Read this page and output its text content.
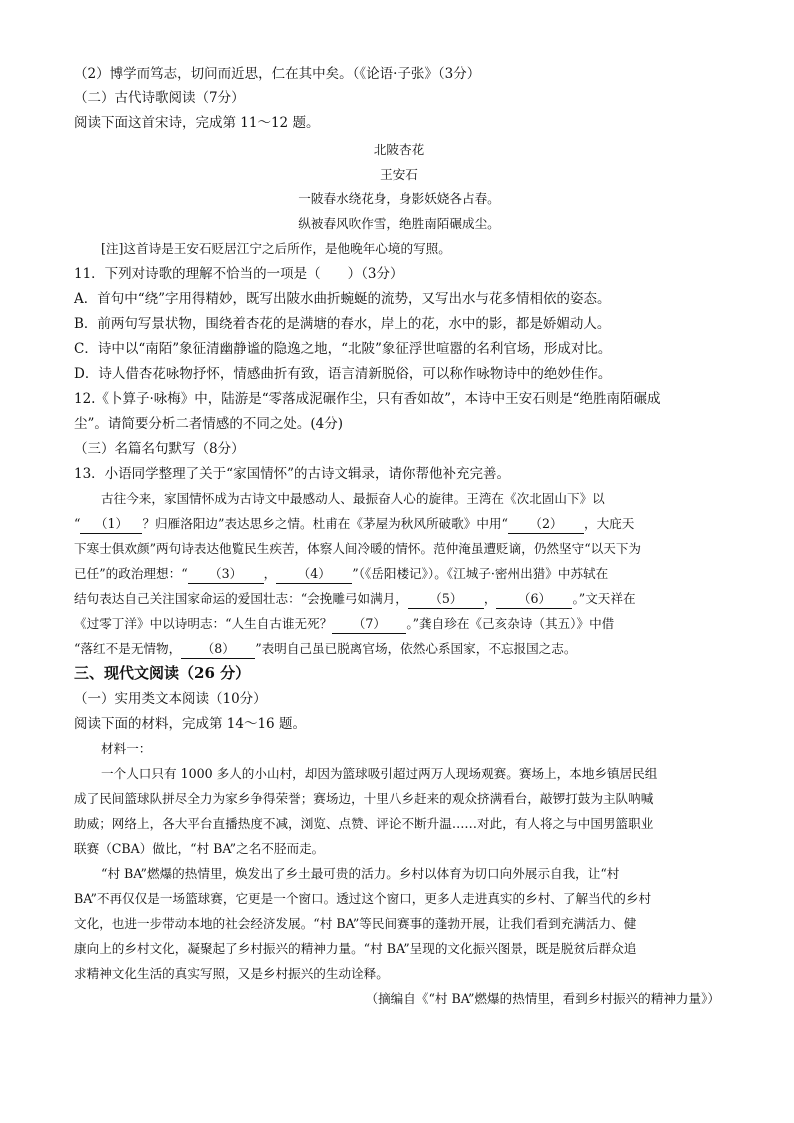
（2）博学而笃志，切问而近思，仁在其中矣。（《论语·子张》（3分）
（二）古代诗歌阅读（7分）
阅读下面这首宋诗，完成第 11～12 题。
北陂杏花
王安石
一陂春水绕花身，身影妖娆各占春。
纵被春风吹作雪，绝胜南陌碾成尘。
[注]这首诗是王安石贬居江宁之后所作，是他晚年心境的写照。
11．下列对诗歌的理解不恰当的一项是（　　）（3分）
A．首句中“绕”字用得精妙，既写出陂水曲折蜿蜒的流势，又写出水与花多情相依的姿态。
B．前两句写景状物，围绕着杏花的是满塘的春水，岸上的花，水中的影，都是娇媚动人。
C．诗中以“南陌”象征清幽静谧的隐逸之地，“北陂”象征浮世喧嚣的名利官场，形成对比。
D．诗人借杏花咏物抒怀，情感曲折有致，语言清新脱俗，可以称作咏物诗中的绝妙佳作。
12.《卜算子·咏梅》中，陆游是“零落成泥碾作尘，只有香如故”，本诗中王安石则是“绝胜南陌碾成
尘”。请简要分析二者情感的不同之处。(4分)
（三）名篇名句默写（8分）
13．小语同学整理了关于“家国情怀”的古诗文辑录，请你帮他补充完善。
古往今来，家国情怀成为古诗文中最感动人、最振奋人心的旋律。王湾在《次北固山下》以
“ （1） ？归雁洛阳边”表达思乡之情。杜甫在《茅屋为秋风所破歌》中用“ （2） ，大庇天
下寒士俱欢颜”两句诗表达他覧民生疾苦，体察人间冷暖的情怀。范仲淹虽遭贬谪，仍然坚守“以天下为
已任”的政治理想：“ （3） ， （4） ”（《岳阳楼记》）。《江城子·密州出猎》中苏轼在
结句表达自己关注国家命运的爱国壮志：“会挽雕弓如满月， （5） ， （6） 。”文天祥在
《过零丁洋》中以诗明志：“人生自古谁无死？ （7） 。”龚自珍在《己亥杂诗（其五）》中借
“落红不是无情物， （8） ”表明自己虽已脱离官场，依然心系国家，不忘报国之志。
三、现代文阅读（26 分）
（一）实用类文本阅读（10分）
阅读下面的材料，完成第 14～16 题。
材料一：
一个人口只有 1000 多人的小山村，却因为篮球吸引超过两万人现场观赛。赛场上，本地乡镇居民组
成了民间篮球队拼尽全力为家乡争得荣誉；赛场边，十里八乡赶来的观众挤满看台，敲锣打鼓为主队呐喊
助威；网络上，各大平台直播热度不减，浏览、点赞、评论不断升温……对此，有人将之与中国男篮职业
联赛（CBA）做比，“村 BA”之名不胫而走。
“村 BA”燃爆的热情里，焕发出了乡土最可贵的活力。乡村以体育为切口向外展示自我，让“村
BA”不再仅仅是一场篮球赛，它更是一个窗口。透过这个窗口，更多人走进真实的乡村、了解当代的乡村
文化，也进一步带动本地的社会经济发展。“村 BA”等民间赛事的蓬勃开展，让我们看到充满活力、健
康向上的乡村文化，凝聚起了乡村振兴的精神力量。“村 BA”呈现的文化振兴图景，既是脱贫后群众追
求精神文化生活的真实写照，又是乡村振兴的生动诠释。
（摘编自《“村 BA”燃爆的热情里，看到乡村振兴的精神力量》）
